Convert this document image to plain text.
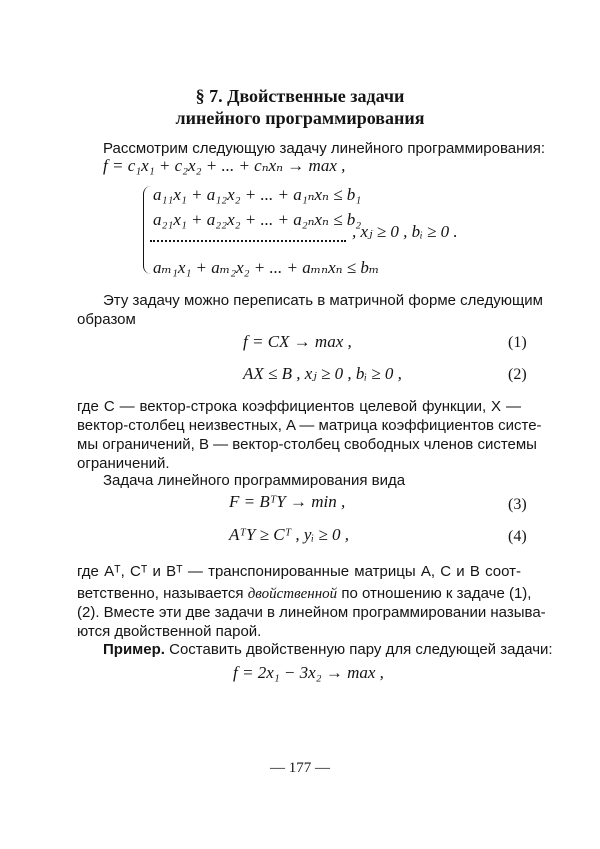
§ 7. Двойственные задачи
линейного программирования
Рассмотрим следующую задачу линейного программирования:
f = c₁x₁ + c₂x₂ + ... + cₙxₙ → max ,
a₁₁x₁ + a₁₂x₂ + ... + a₁ₙxₙ ≤ b₁
a₂₁x₁ + a₂₂x₂ + ... + a₂ₙxₙ ≤ b₂
aₘ₁x₁ + aₘ₂x₂ + ... + aₘₙxₙ ≤ bₘ
, xⱼ ≥ 0 , bᵢ ≥ 0 .
Эту задачу можно переписать в матричной форме следующим
образом
f = CX → max ,	(1)
AX ≤ B , xⱼ ≥ 0 , bᵢ ≥ 0 ,	(2)
где C — вектор-строка коэффициентов целевой функции, X —
вектор-столбец неизвестных, A — матрица коэффициентов систе-
мы ограничений, B — вектор-столбец свободных членов системы
ограничений.
Задача линейного программирования вида
F = BᵀY → min ,	(3)
AᵀY ≥ Cᵀ , yᵢ ≥ 0 ,	(4)
где Aᵀ, Cᵀ и Bᵀ — транспонированные матрицы A, C и B соот-
ветственно, называется двойственной по отношению к задаче (1),
(2). Вместе эти две задачи в линейном программировании называ-
ются двойственной парой.
Пример. Составить двойственную пару для следующей задачи:
f = 2x₁ − 3x₂ → max ,
— 177 —
